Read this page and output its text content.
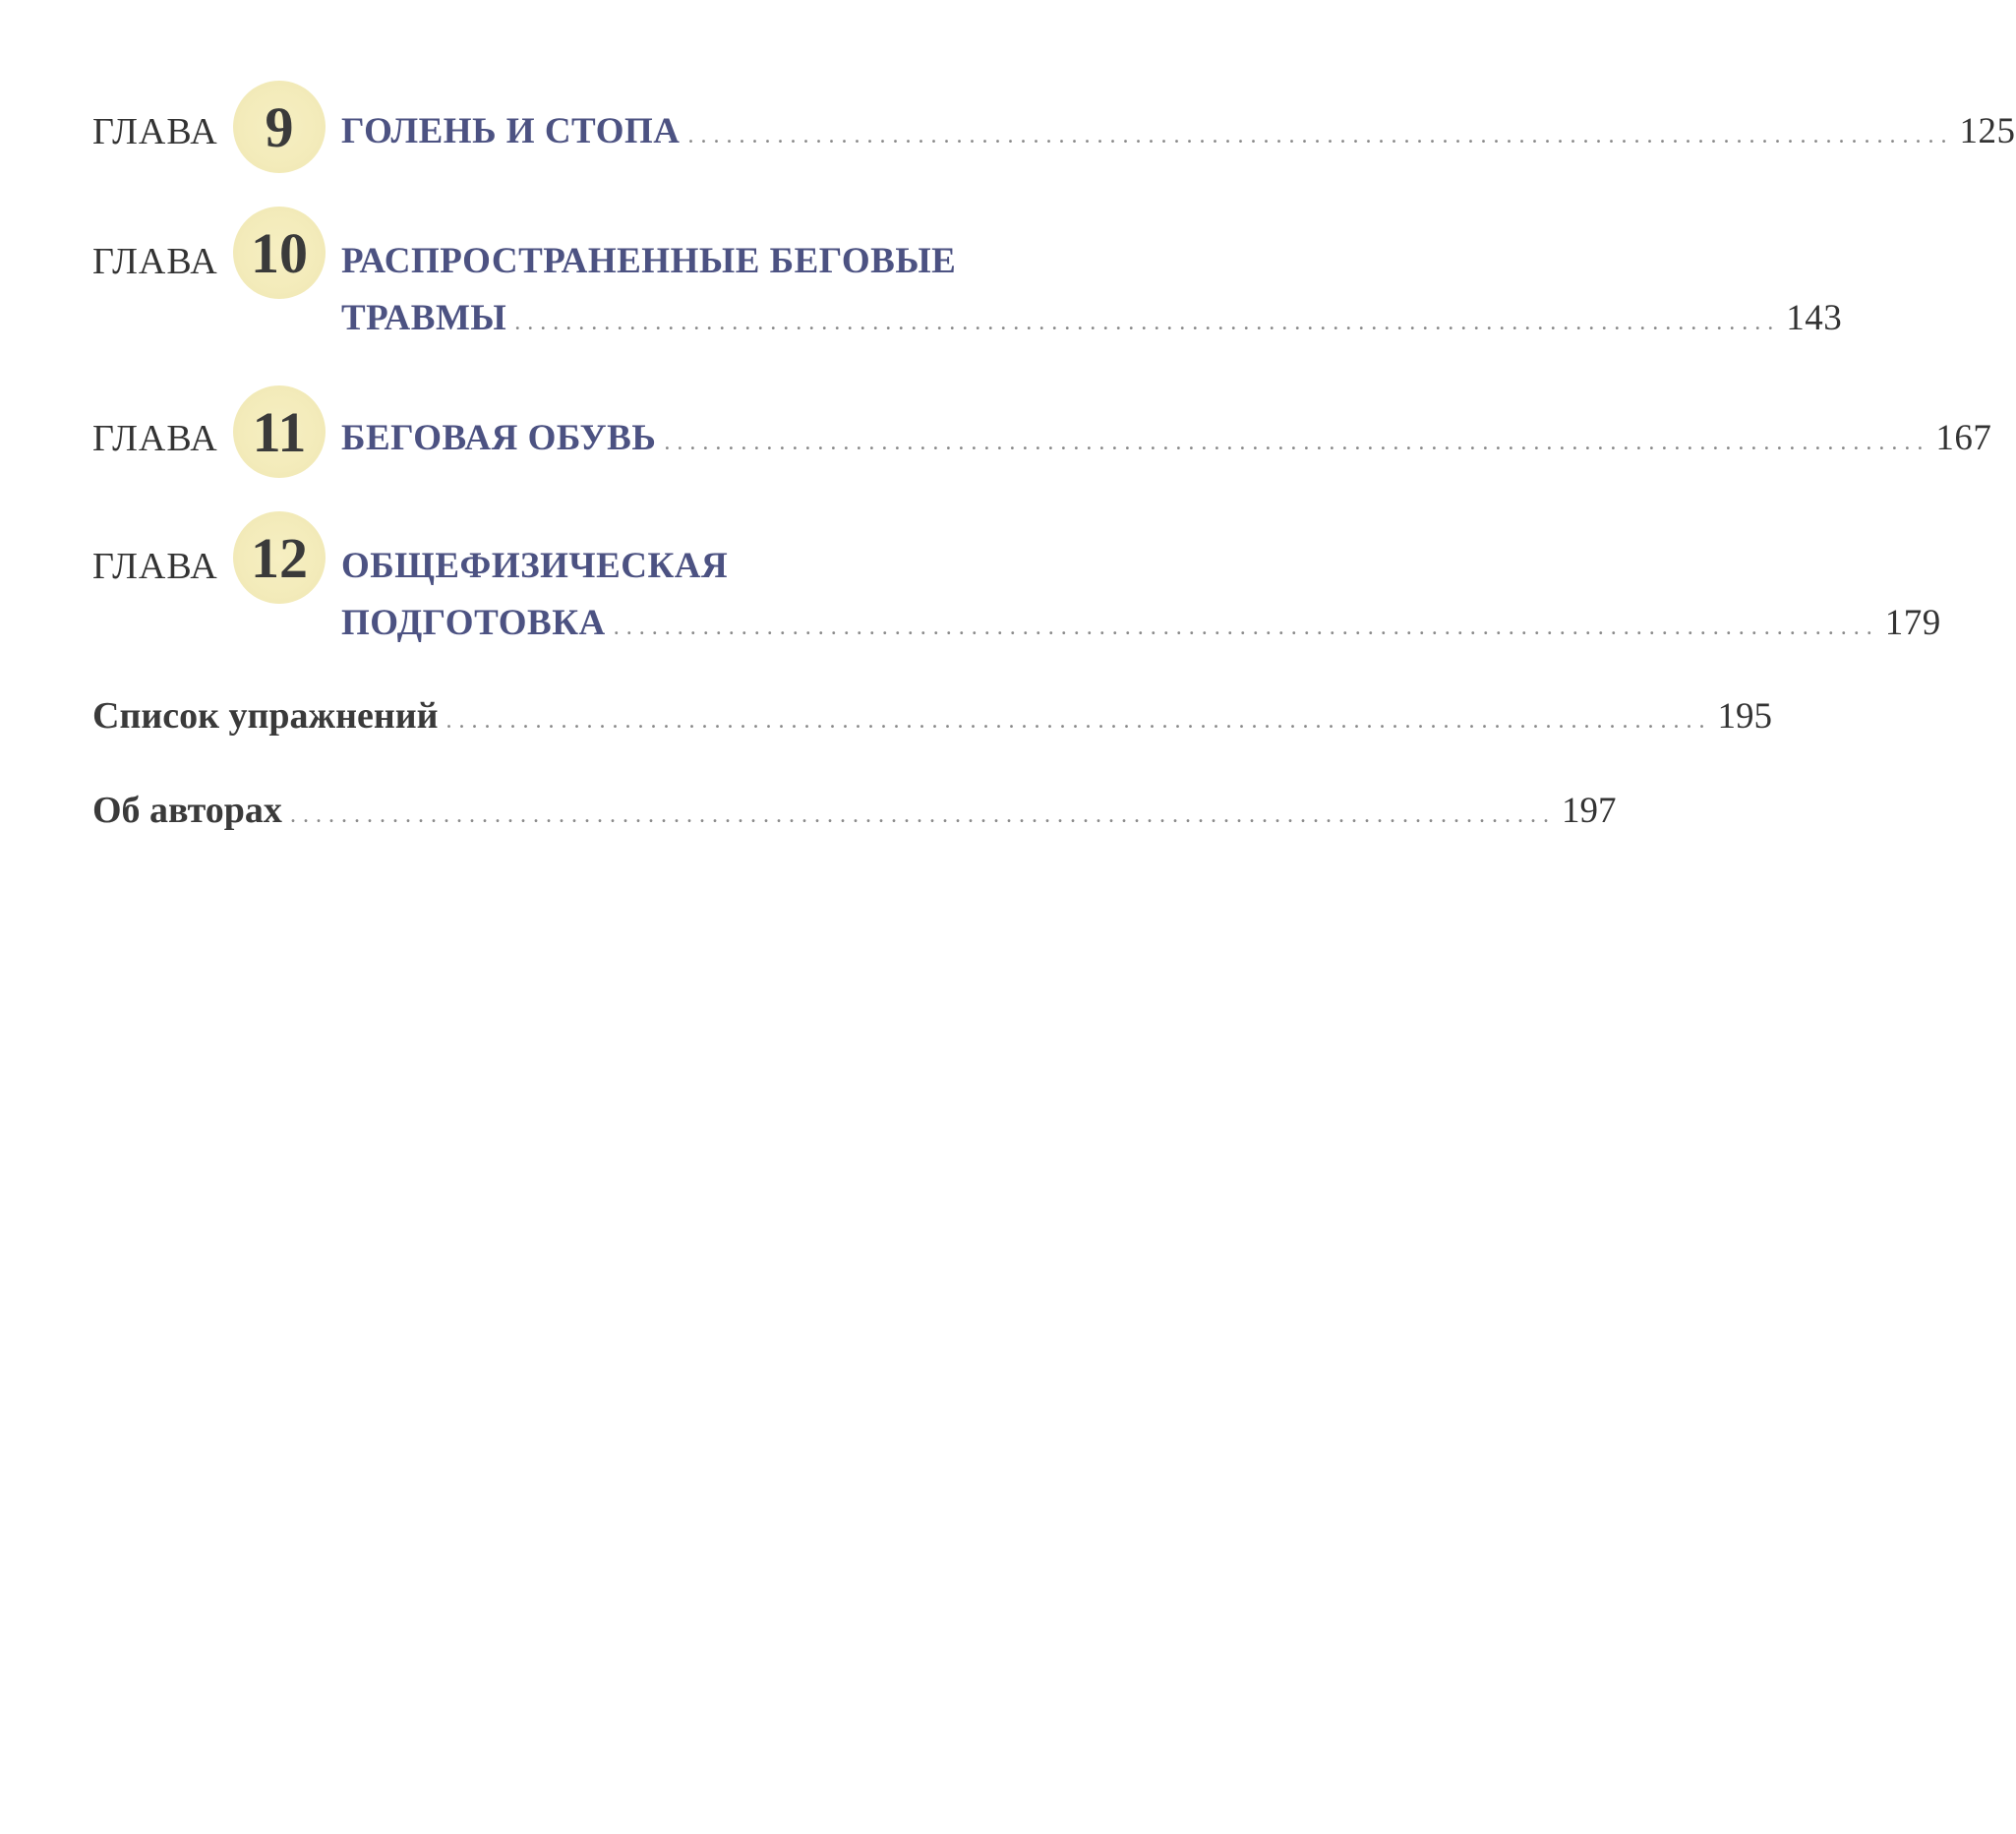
ГЛАВА 9	ГОЛЕНЬ И СТОПА ................................................................................................... 125
ГЛАВА 10 РАСПРОСТРАНЕННЫЕ БЕГОВЫЕ
ТРАВМЫ ................................................................................................... 143
ГЛАВА 11 БЕГОВАЯ ОБУВЬ ................................................................................................... 167
ГЛАВА 12 ОБЩЕФИЗИЧЕСКАЯ
ПОДГОТОВКА ................................................................................................... 179
Список упражнений ................................................................................................... 195
Об авторах ................................................................................................... 197
